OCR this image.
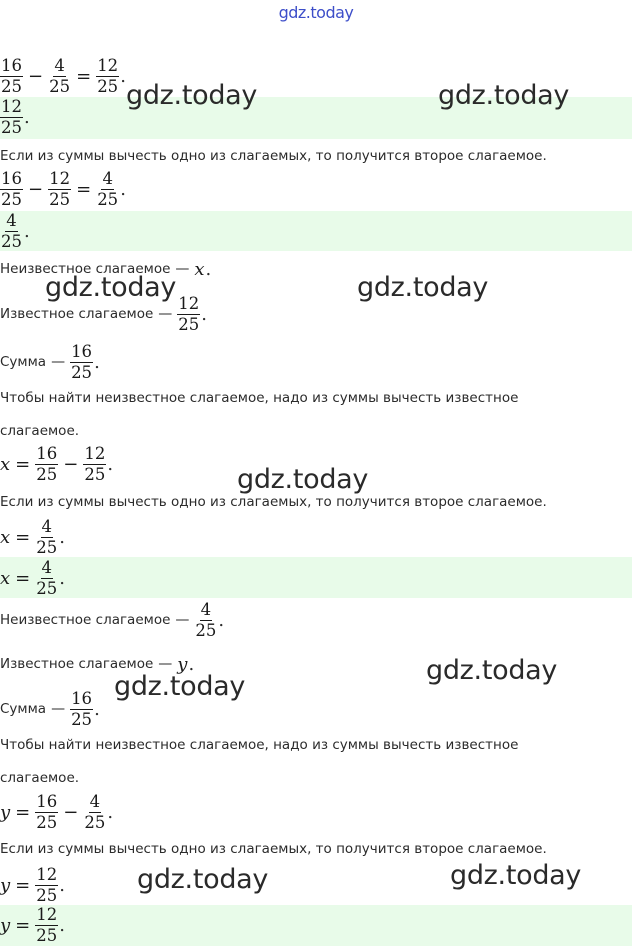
gdz.today
$\frac{16}{25} - \frac{4}{25} = \frac{12}{25}$ .
$\frac{12}{25}$ .
Если из суммы вычесть одно из слагаемых, то получится второе слагаемое.
$\frac{16}{25} - \frac{12}{25} = \frac{4}{25}$ .
$\frac{4}{25}$ .
Неизвестное слагаемое — x .
Известное слагаемое — $\frac{12}{25}$ .
Сумма — $\frac{16}{25}$ .
Чтобы найти неизвестное слагаемое, надо из суммы вычесть известное
слагаемое.
$x = \frac{16}{25} - \frac{12}{25}$ .
Если из суммы вычесть одно из слагаемых, то получится второе слагаемое.
$x = \frac{4}{25}$ .
$x = \frac{4}{25}$ .
Неизвестное слагаемое — $\frac{4}{25}$ .
Известное слагаемое — y .
Сумма — $\frac{16}{25}$ .
Чтобы найти неизвестное слагаемое, надо из суммы вычесть известное
слагаемое.
$y = \frac{16}{25} - \frac{4}{25}$ .
Если из суммы вычесть одно из слагаемых, то получится второе слагаемое.
$y = \frac{12}{25}$ .
$y = \frac{12}{25}$ .
gdz.today	gdz.today
gdz.today	gdz.today
gdz.today
gdz.today
gdz.today
gdz.today	gdz.today
